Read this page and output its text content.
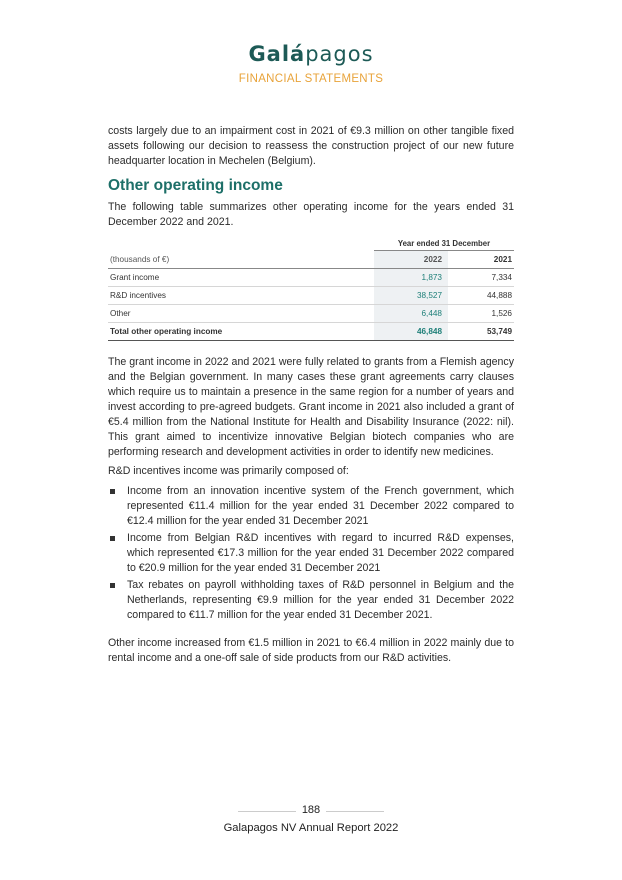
Galápagos
FINANCIAL STATEMENTS

costs largely due to an impairment cost in 2021 of €9.3 million on other tangible fixed assets following our decision to reassess the construction project of our new future headquarter location in Mechelen (Belgium).

Other operating income

The following table summarizes other operating income for the years ended 31 December 2022 and 2021.

	Year ended 31 December	
(thousands of €)	2022	2021
Grant income	1,873	7,334
R&D incentives	38,527	44,888
Other	6,448	1,526
Total other operating income	46,848	53,749

The grant income in 2022 and 2021 were fully related to grants from a Flemish agency and the Belgian government. In many cases these grant agreements carry clauses which require us to maintain a presence in the same region for a number of years and invest according to pre-agreed budgets. Grant income in 2021 also included a grant of €5.4 million from the National Institute for Health and Disability Insurance (2022: nil). This grant aimed to incentivize innovative Belgian biotech companies who are performing research and development activities in order to identify new medicines.

R&D incentives income was primarily composed of:

Income from an innovation incentive system of the French government, which represented €11.4 million for the year ended 31 December 2022 compared to €12.4 million for the year ended 31 December 2021
Income from Belgian R&D incentives with regard to incurred R&D expenses, which represented €17.3 million for the year ended 31 December 2022 compared to €20.9 million for the year ended 31 December 2021
Tax rebates on payroll withholding taxes of R&D personnel in Belgium and the Netherlands, representing €9.9 million for the year ended 31 December 2022 compared to €11.7 million for the year ended 31 December 2021.

Other income increased from €1.5 million in 2021 to €6.4 million in 2022 mainly due to rental income and a one-off sale of side products from our R&D activities.

188
Galapagos NV Annual Report 2022
